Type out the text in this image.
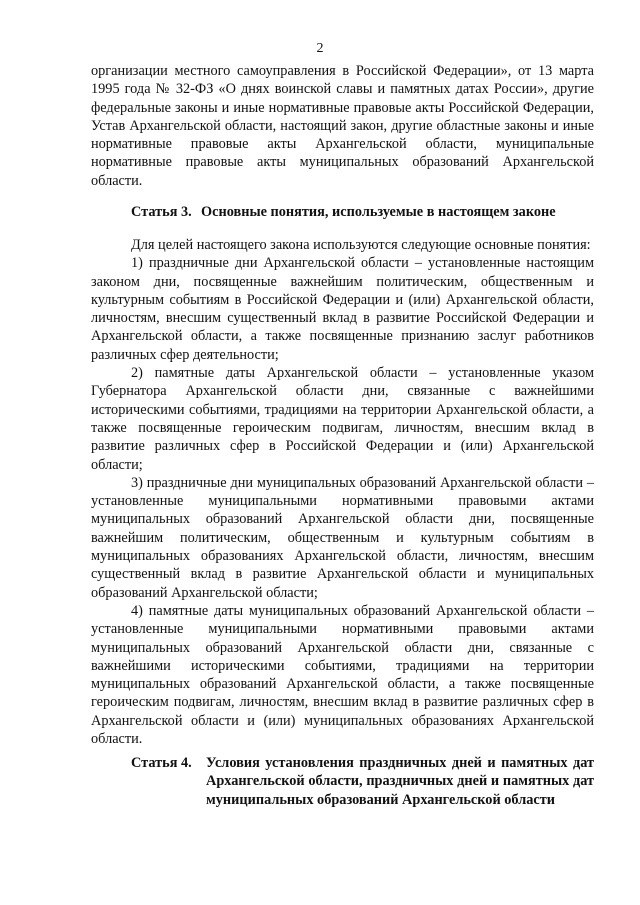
2

организации местного самоуправления в Российской Федерации», от 13 марта 1995 года № 32-ФЗ «О днях воинской славы и памятных датах России», другие федеральные законы и иные нормативные правовые акты Российской Федерации, Устав Архангельской области, настоящий закон, другие областные законы и иные нормативные правовые акты Архангельской области, муниципальные нормативные правовые акты муниципальных образований Архангельской области.

Статья 3. Основные понятия, используемые в настоящем законе

Для целей настоящего закона используются следующие основные понятия:

1) праздничные дни Архангельской области – установленные настоящим законом дни, посвященные важнейшим политическим, общественным и культурным событиям в Российской Федерации и (или) Архангельской области, личностям, внесшим существенный вклад в развитие Российской Федерации и Архангельской области, а также посвященные признанию заслуг работников различных сфер деятельности;

2) памятные даты Архангельской области – установленные указом Губернатора Архангельской области дни, связанные с важнейшими историческими событиями, традициями на территории Архангельской области, а также посвященные героическим подвигам, личностям, внесшим вклад в развитие различных сфер в Российской Федерации и (или) Архангельской области;

3) праздничные дни муниципальных образований Архангельской области – установленные муниципальными нормативными правовыми актами муниципальных образований Архангельской области дни, посвященные важнейшим политическим, общественным и культурным событиям в муниципальных образованиях Архангельской области, личностям, внесшим существенный вклад в развитие Архангельской области и муниципальных образований Архангельской области;

4) памятные даты муниципальных образований Архангельской области – установленные муниципальными нормативными правовыми актами муниципальных образований Архангельской области дни, связанные с важнейшими историческими событиями, традициями на территории муниципальных образований Архангельской области, а также посвященные героическим подвигам, личностям, внесшим вклад в развитие различных сфер в Архангельской области и (или) муниципальных образованиях Архангельской области.

Статья 4. Условия установления праздничных дней и памятных дат Архангельской области, праздничных дней и памятных дат муниципальных образований Архангельской области
